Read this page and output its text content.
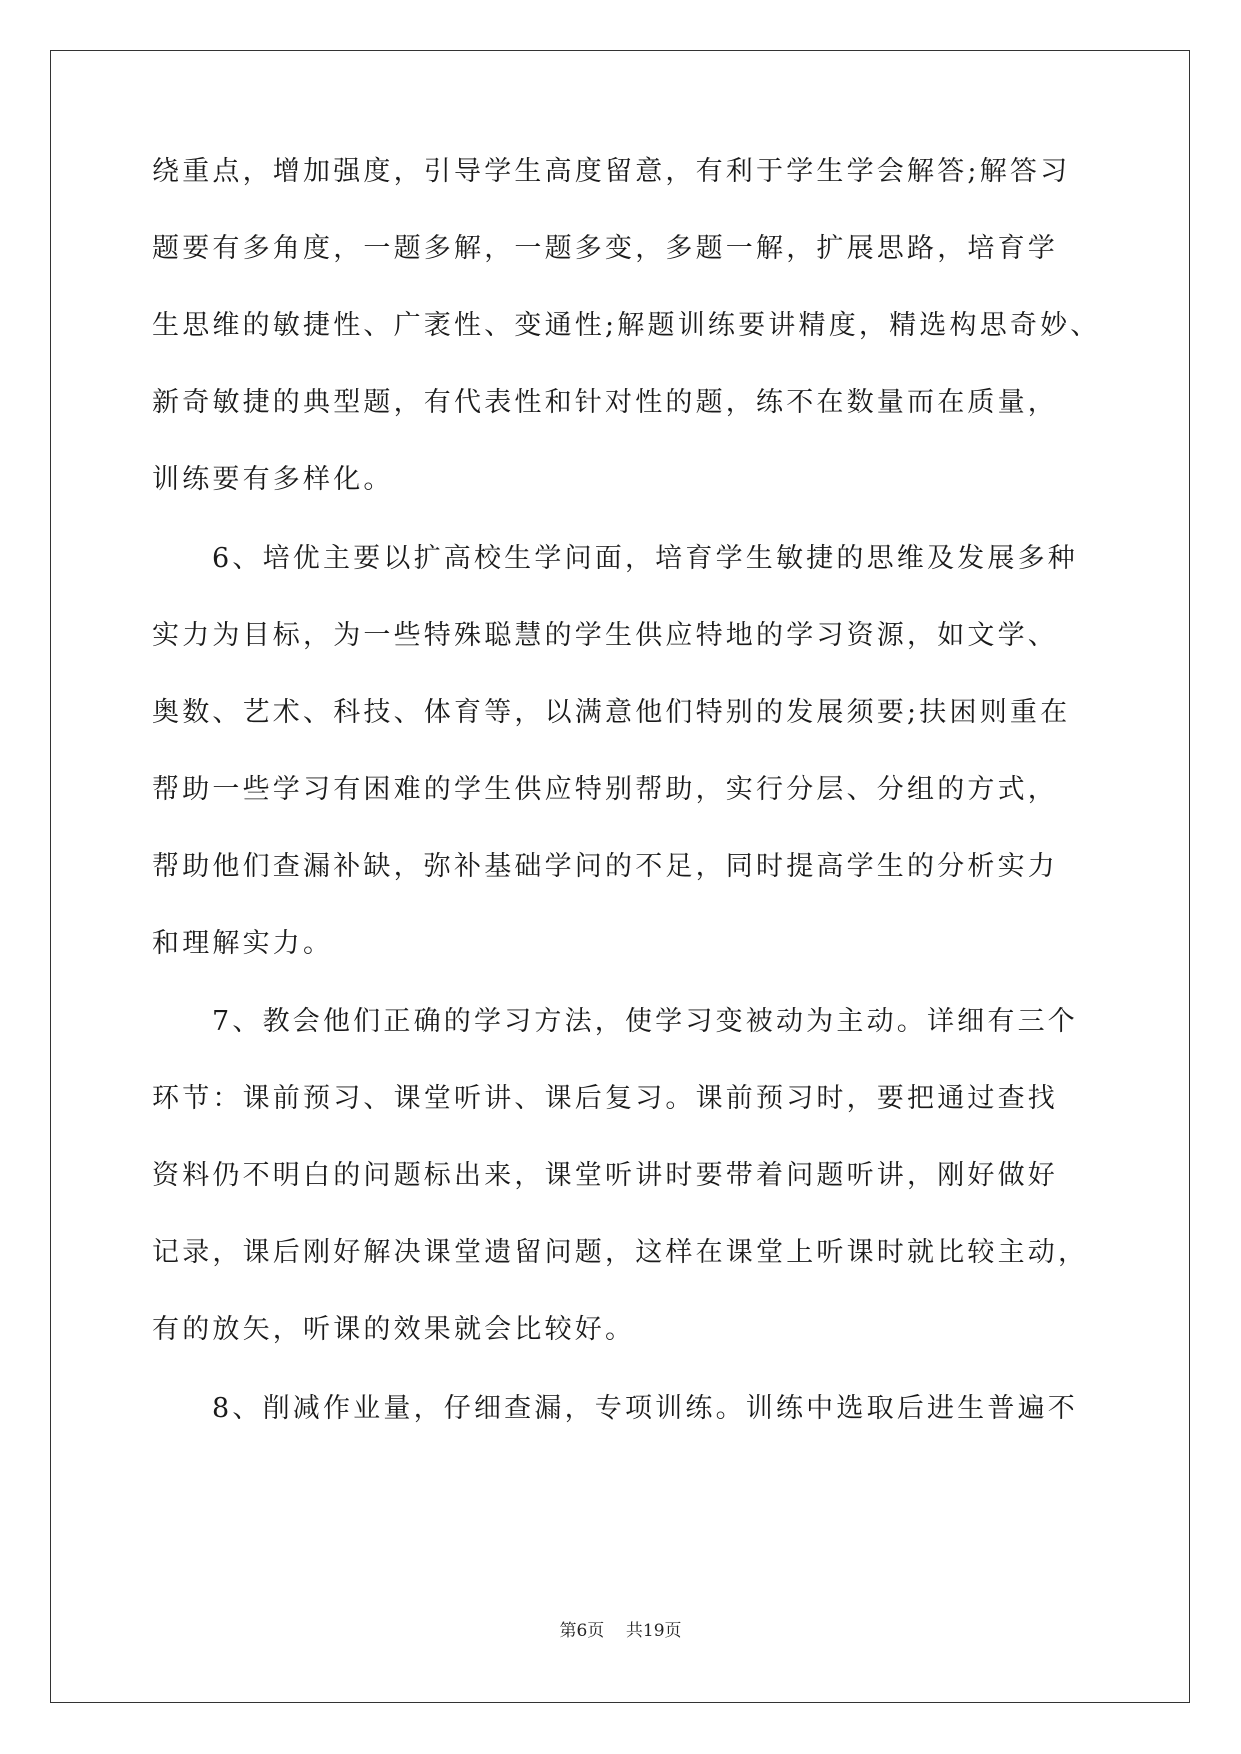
绕重点，增加强度，引导学生高度留意，有利于学生学会解答;解答习
题要有多角度，一题多解，一题多变，多题一解，扩展思路，培育学
生思维的敏捷性、广袤性、变通性;解题训练要讲精度，精选构思奇妙、
新奇敏捷的典型题，有代表性和针对性的题，练不在数量而在质量，
训练要有多样化。
6、培优主要以扩高校生学问面，培育学生敏捷的思维及发展多种
实力为目标，为一些特殊聪慧的学生供应特地的学习资源，如文学、
奥数、艺术、科技、体育等，以满意他们特别的发展须要;扶困则重在
帮助一些学习有困难的学生供应特别帮助，实行分层、分组的方式，
帮助他们查漏补缺，弥补基础学问的不足，同时提高学生的分析实力
和理解实力。
7、教会他们正确的学习方法，使学习变被动为主动。详细有三个
环节：课前预习、课堂听讲、课后复习。课前预习时，要把通过查找
资料仍不明白的问题标出来，课堂听讲时要带着问题听讲，刚好做好
记录，课后刚好解决课堂遗留问题，这样在课堂上听课时就比较主动，
有的放矢，听课的效果就会比较好。
8、削减作业量，仔细查漏，专项训练。训练中选取后进生普遍不
第6页 共19页
